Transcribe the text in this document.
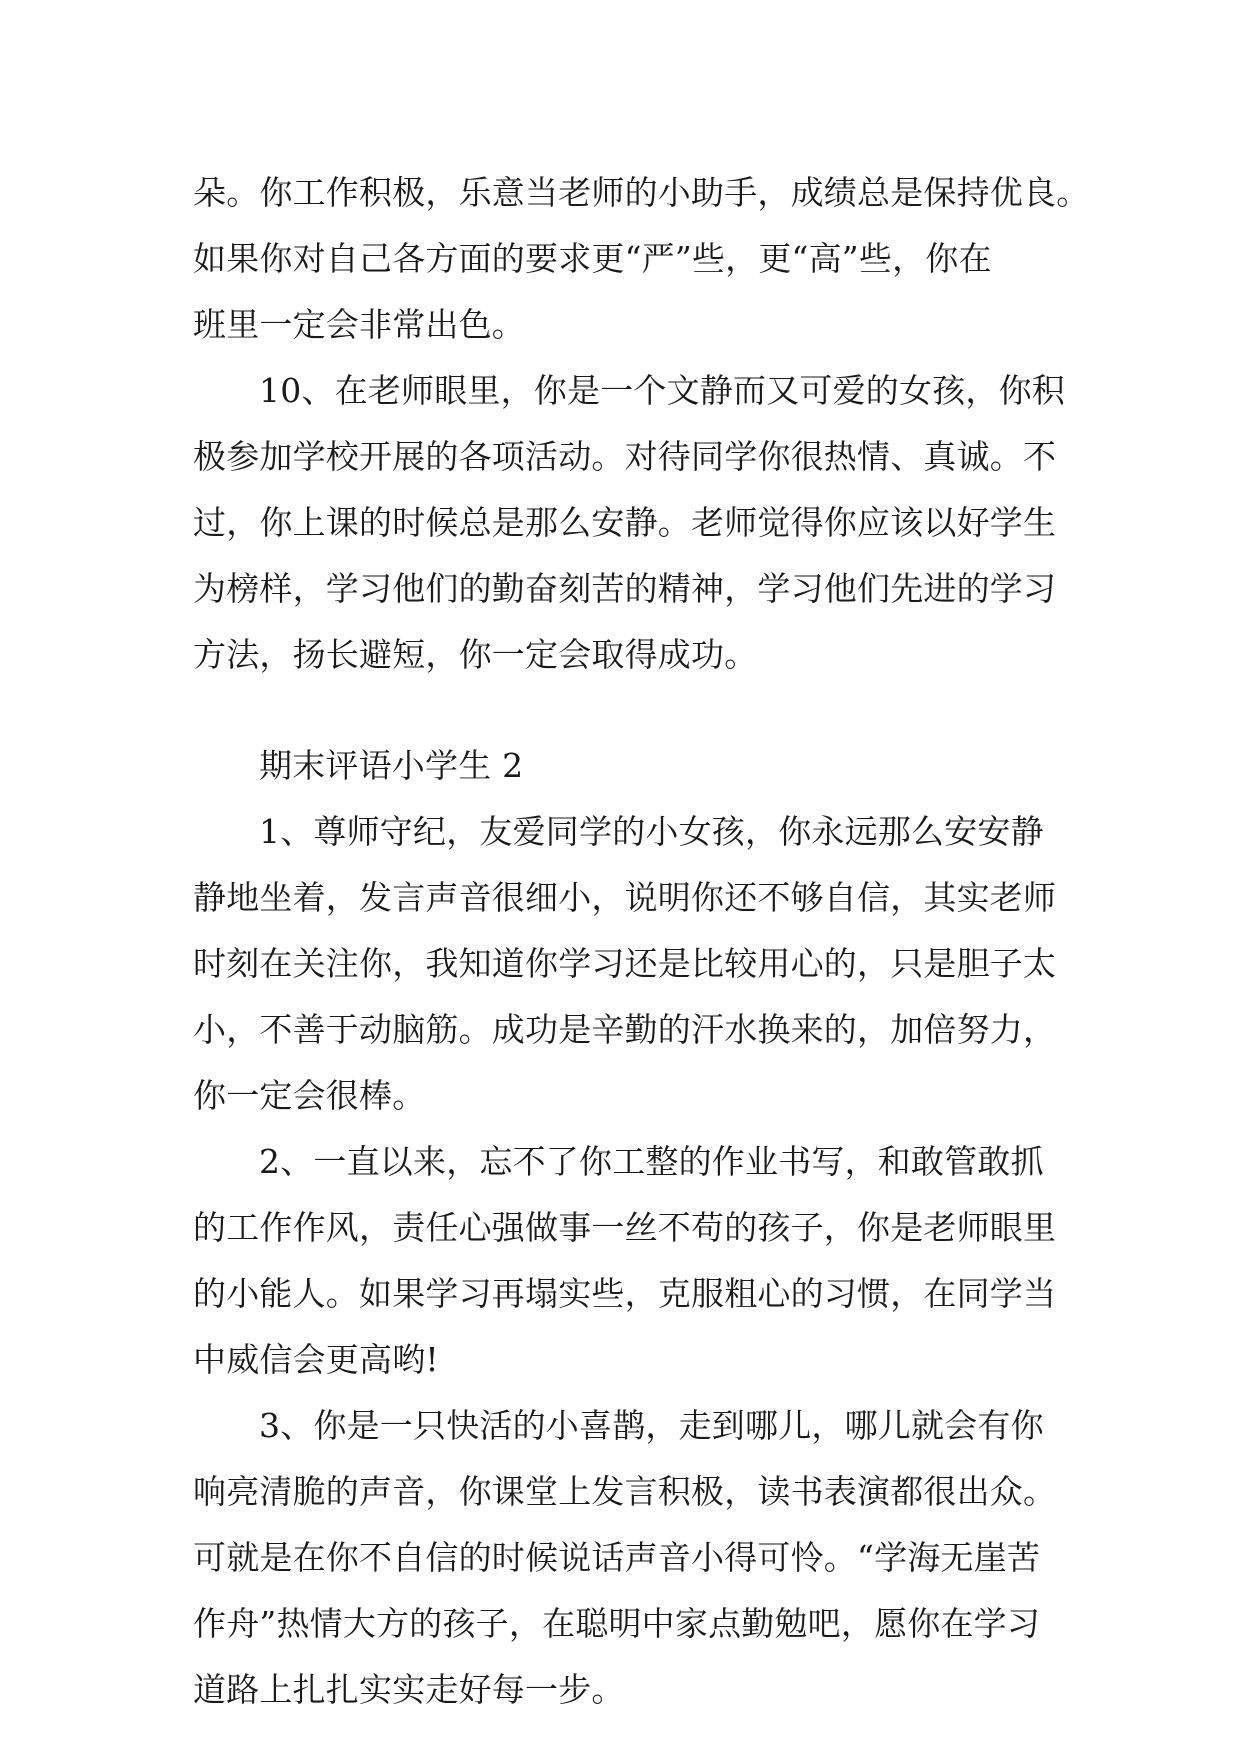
朵。你工作积极，乐意当老师的小助手，成绩总是保持优良。
如果你对自己各方面的要求更“严”些，更“高”些，你在
班里一定会非常出色。
10、在老师眼里，你是一个文静而又可爱的女孩，你积
极参加学校开展的各项活动。对待同学你很热情、真诚。不
过，你上课的时候总是那么安静。老师觉得你应该以好学生
为榜样，学习他们的勤奋刻苦的精神，学习他们先进的学习
方法，扬长避短，你一定会取得成功。
期末评语小学生 2
1、尊师守纪，友爱同学的小女孩，你永远那么安安静
静地坐着，发言声音很细小，说明你还不够自信，其实老师
时刻在关注你，我知道你学习还是比较用心的，只是胆子太
小，不善于动脑筋。成功是辛勤的汗水换来的，加倍努力，
你一定会很棒。
2、一直以来，忘不了你工整的作业书写，和敢管敢抓
的工作作风，责任心强做事一丝不苟的孩子，你是老师眼里
的小能人。如果学习再塌实些，克服粗心的习惯，在同学当
中威信会更高哟!
3、你是一只快活的小喜鹊，走到哪儿，哪儿就会有你
响亮清脆的声音，你课堂上发言积极，读书表演都很出众。
可就是在你不自信的时候说话声音小得可怜。“学海无崖苦
作舟”热情大方的孩子，在聪明中家点勤勉吧，愿你在学习
道路上扎扎实实走好每一步。
